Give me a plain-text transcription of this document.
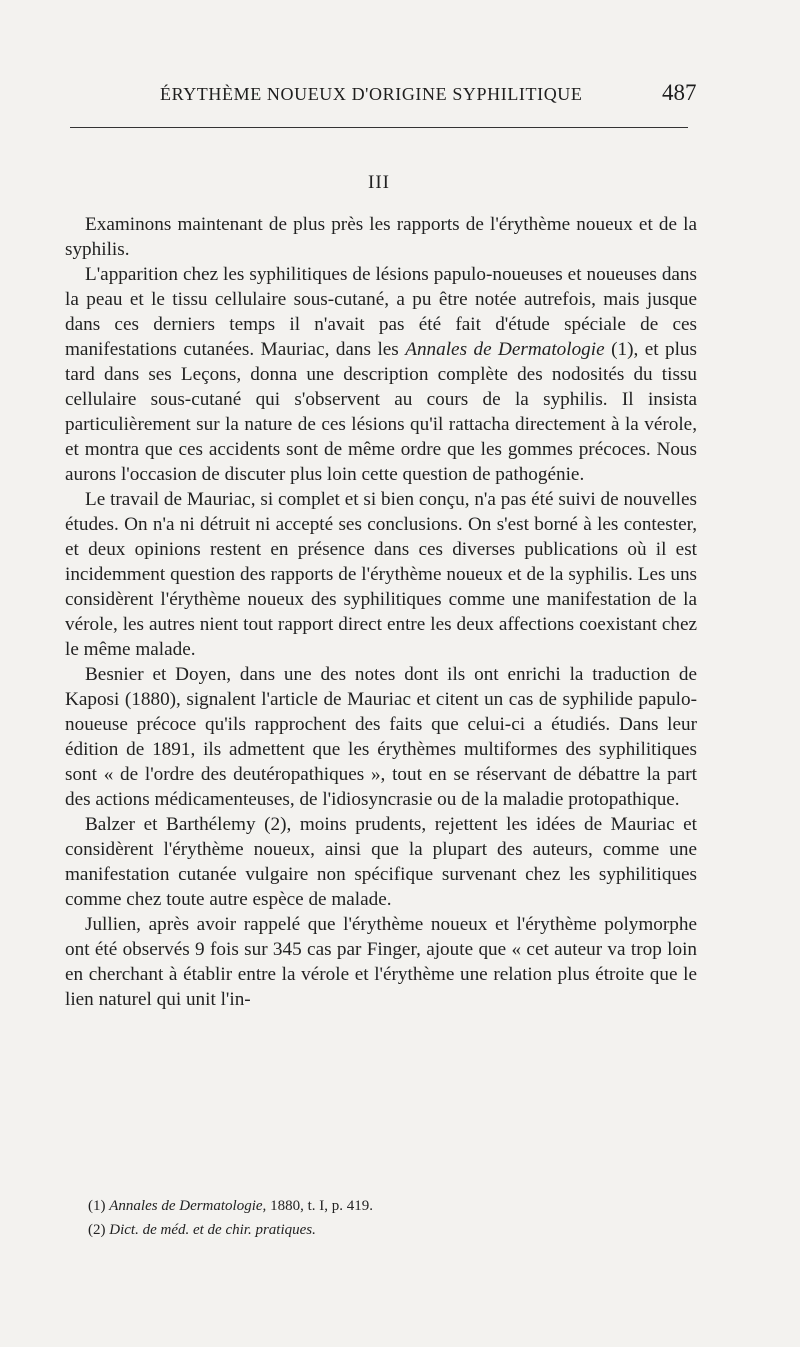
ÉRYTHÈME NOUEUX D'ORIGINE SYPHILITIQUE	487
III

Examinons maintenant de plus près les rapports de l'érythème noueux et de la syphilis.

L'apparition chez les syphilitiques de lésions papulo-noueuses et noueuses dans la peau et le tissu cellulaire sous-cutané, a pu être notée autrefois, mais jusque dans ces derniers temps il n'avait pas été fait d'étude spéciale de ces manifestations cutanées. Mauriac, dans les Annales de Dermatologie (1), et plus tard dans ses Leçons, donna une description complète des nodosités du tissu cellulaire sous-cutané qui s'observent au cours de la syphilis. Il insista particulièrement sur la nature de ces lésions qu'il rattacha directement à la vérole, et montra que ces accidents sont de même ordre que les gommes précoces. Nous aurons l'occasion de discuter plus loin cette question de pathogénie.

Le travail de Mauriac, si complet et si bien conçu, n'a pas été suivi de nouvelles études. On n'a ni détruit ni accepté ses conclusions. On s'est borné à les contester, et deux opinions restent en présence dans ces diverses publications où il est incidemment question des rapports de l'érythème noueux et de la syphilis. Les uns considèrent l'érythème noueux des syphilitiques comme une manifestation de la vérole, les autres nient tout rapport direct entre les deux affections coexistant chez le même malade.

Besnier et Doyen, dans une des notes dont ils ont enrichi la traduction de Kaposi (1880), signalent l'article de Mauriac et citent un cas de syphilide papulo-noueuse précoce qu'ils rapprochent des faits que celui-ci a étudiés. Dans leur édition de 1891, ils admettent que les érythèmes multiformes des syphilitiques sont « de l'ordre des deutéropathiques », tout en se réservant de débattre la part des actions médicamenteuses, de l'idiosyncrasie ou de la maladie protopathique.

Balzer et Barthélemy (2), moins prudents, rejettent les idées de Mauriac et considèrent l'érythème noueux, ainsi que la plupart des auteurs, comme une manifestation cutanée vulgaire non spécifique survenant chez les syphilitiques comme chez toute autre espèce de malade.

Jullien, après avoir rappelé que l'érythème noueux et l'érythème polymorphe ont été observés 9 fois sur 345 cas par Finger, ajoute que « cet auteur va trop loin en cherchant à établir entre la vérole et l'érythème une relation plus étroite que le lien naturel qui unit l'in-

(1) Annales de Dermatologie, 1880, t. I, p. 419.

(2) Dict. de méd. et de chir. pratiques.
